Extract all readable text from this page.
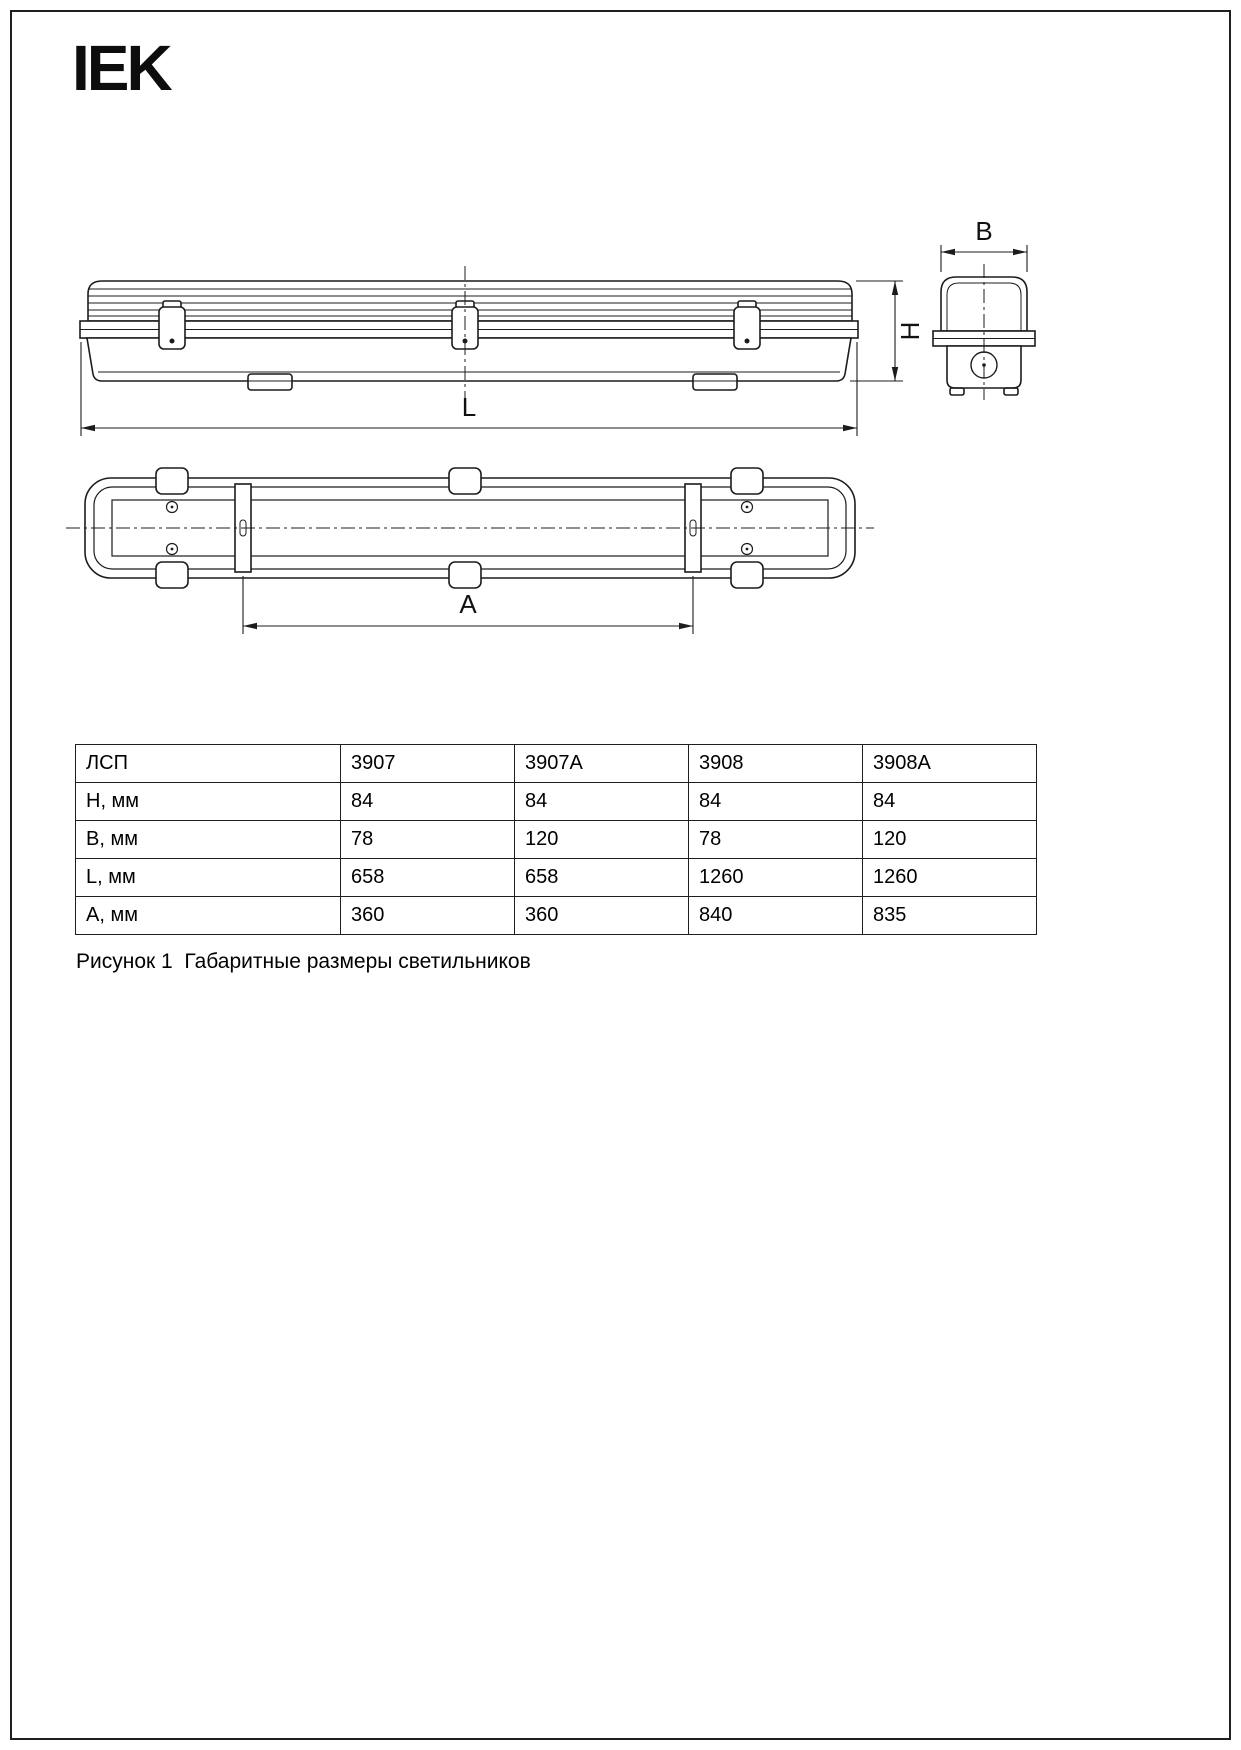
IEK
H
L
B
A
ЛСП	3907	3907А	3908	3908А
Н, мм	84	84	84	84
В, мм	78	120	78	120
L, мм	658	658	1260	1260
А, мм	360	360	840	835
Рисунок 1  Габаритные размеры светильников
